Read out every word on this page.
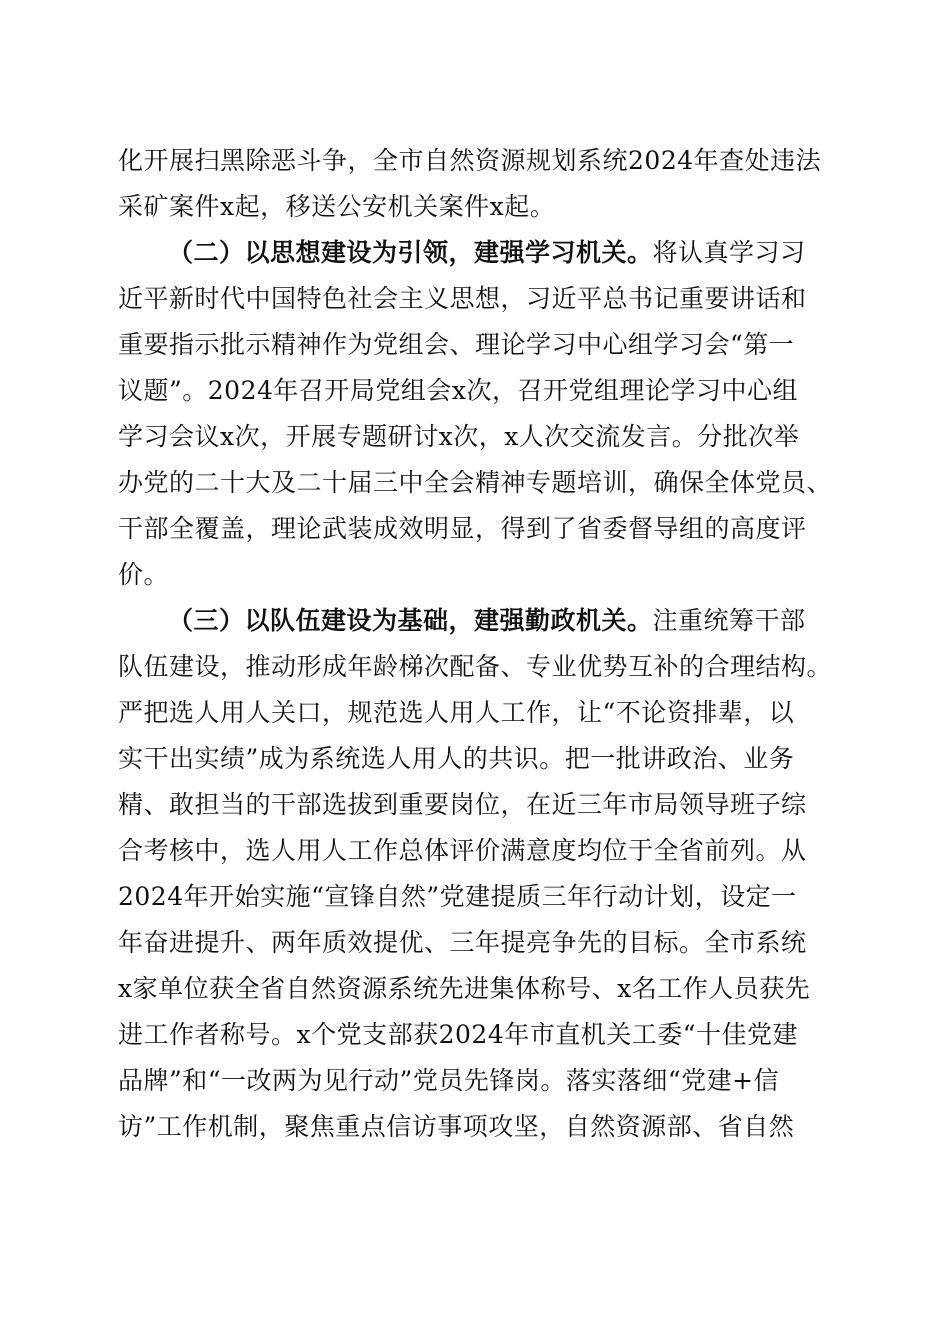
化开展扫黑除恶斗争，全市自然资源规划系统2024年查处违法
采矿案件x起，移送公安机关案件x起。
（二）以思想建设为引领，建强学习机关。将认真学习习
近平新时代中国特色社会主义思想，习近平总书记重要讲话和
重要指示批示精神作为党组会、理论学习中心组学习会“第一
议题”。2024年召开局党组会x次，召开党组理论学习中心组
学习会议x次，开展专题研讨x次，x人次交流发言。分批次举
办党的二十大及二十届三中全会精神专题培训，确保全体党员、
干部全覆盖，理论武装成效明显，得到了省委督导组的高度评
价。
（三）以队伍建设为基础，建强勤政机关。注重统筹干部
队伍建设，推动形成年龄梯次配备、专业优势互补的合理结构。
严把选人用人关口，规范选人用人工作，让“不论资排辈，以
实干出实绩”成为系统选人用人的共识。把一批讲政治、业务
精、敢担当的干部选拔到重要岗位，在近三年市局领导班子综
合考核中，选人用人工作总体评价满意度均位于全省前列。从
2024年开始实施“宣锋自然”党建提质三年行动计划，设定一
年奋进提升、两年质效提优、三年提亮争先的目标。全市系统
x家单位获全省自然资源系统先进集体称号、x名工作人员获先
进工作者称号。x个党支部获2024年市直机关工委“十佳党建
品牌”和“一改两为见行动”党员先锋岗。落实落细“党建+信
访”工作机制，聚焦重点信访事项攻坚，自然资源部、省自然
